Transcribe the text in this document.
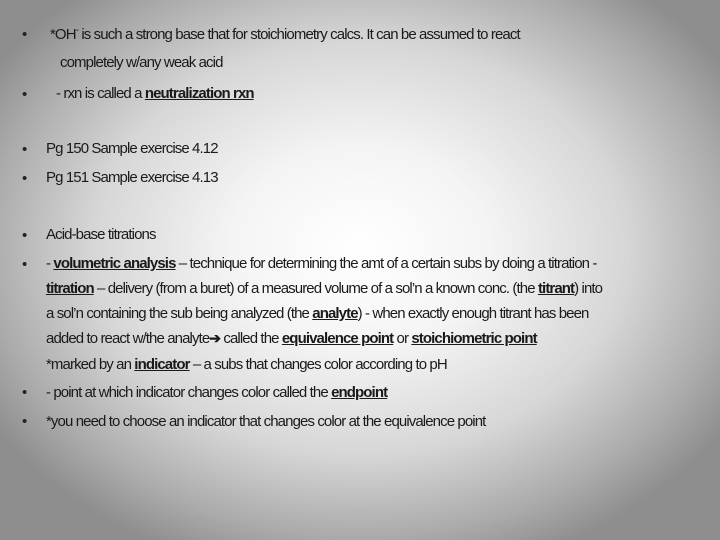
•
•
•
•
•
•
•
•
*OH- is such a strong base that for stoichiometry calcs. It can be assumed to react
completely w/any weak acid
- rxn is called a neutralization rxn
Pg 150 Sample exercise 4.12
Pg 151 Sample exercise 4.13
Acid-base titrations
- volumetric analysis – technique for determining the amt of a certain subs by doing a titration -
titration – delivery (from a buret) of a measured volume of a sol’n a known conc. (the titrant) into
a sol’n containing the sub being analyzed (the analyte) - when exactly enough titrant has been
added to react w/the analyte➔ called the equivalence point or stoichiometric point
*marked by an indicator – a subs that changes color according to pH
- point at which indicator changes color called the endpoint
*you need to choose an indicator that changes color at the equivalence point
